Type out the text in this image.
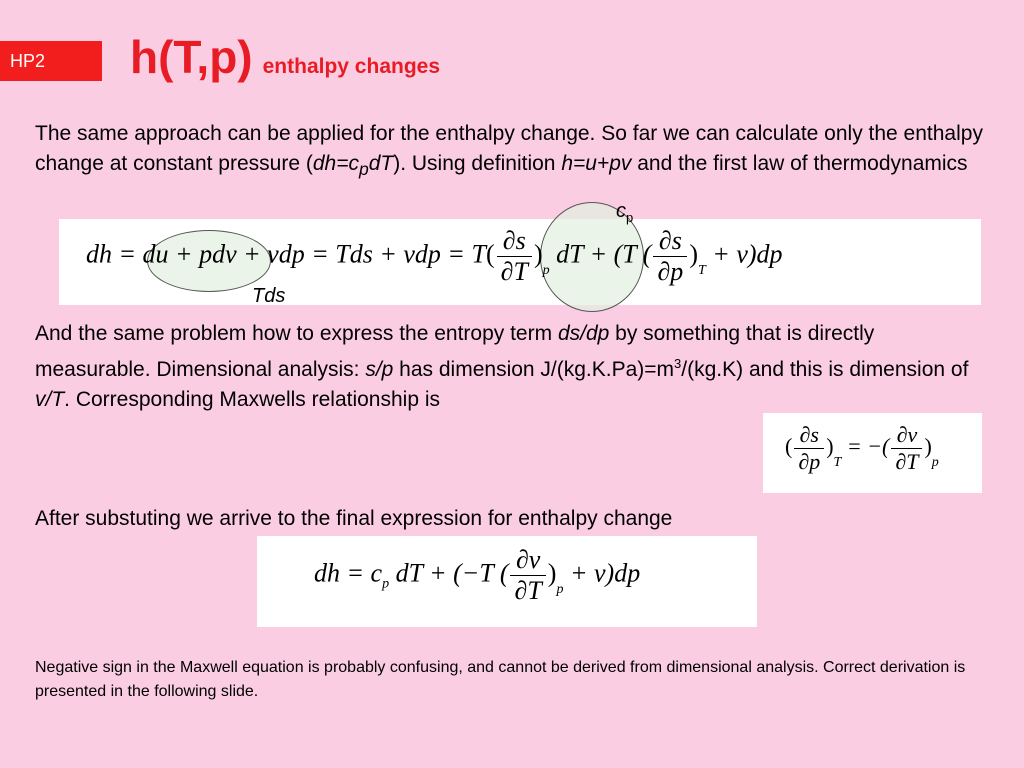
HP2	h(T,p) enthalpy changes
The same approach can be applied for the enthalpy change. So far we can calculate only the enthalpy change at constant pressure $(dh=c_pdT)$. Using definition h=u+pv and the first law of thermodynamics
dh = du + pdv + vdp = Tds + vdp = $T( \frac{\partial s}{\partial T} )_p$ dT + (T ( $\frac{\partial s}{\partial p} )_T + v)dp$
$c_p$
Tds
And the same problem how to express the entropy term ds/dp by something that is directly measurable. Dimensional analysis: s/p has dimension $J/(kg.K.Pa)=m^3/(kg.K)$ and this is dimension of v/T. Corresponding Maxwells relationship is
( $\frac{\partial s}{\partial p} )_T$ = −( $\frac{\partial v}{\partial T} )_p$
After substuting we arrive to the final expression for enthalpy change
dh = $c_p$ dT + (−T ( $\frac{\partial v}{\partial T} )_p + v)dp$
Negative sign in the Maxwell equation is probably confusing, and cannot be derived from dimensional analysis. Correct derivation is presented in the following slide.
